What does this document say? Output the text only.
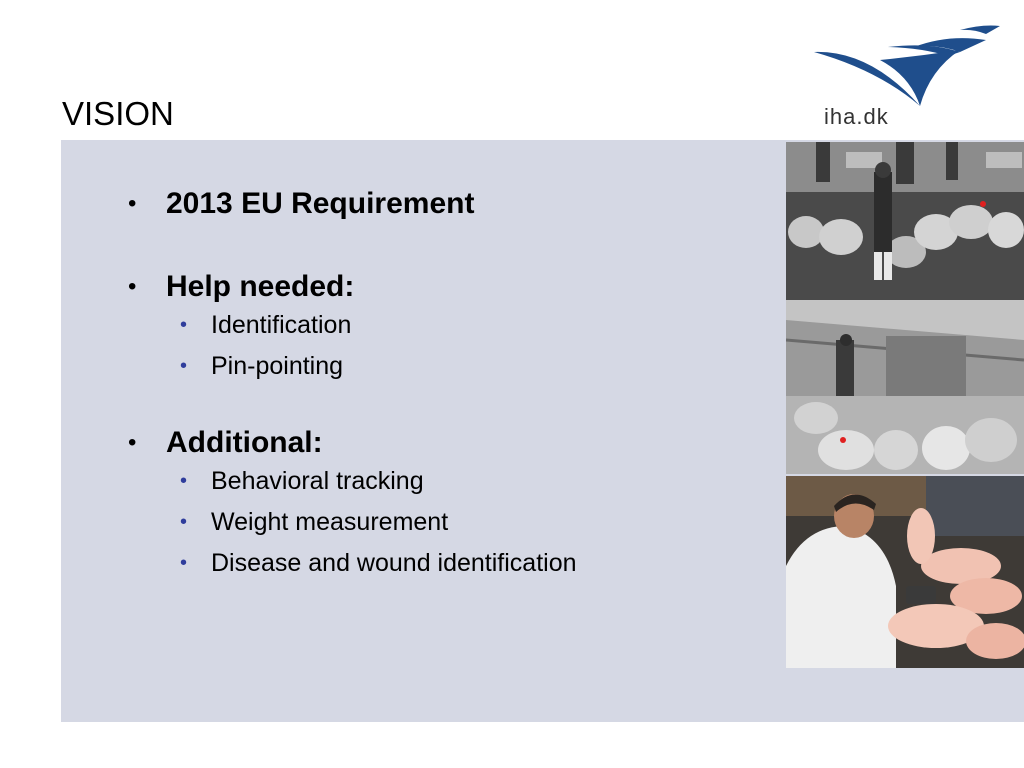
VISION	iha.dk
• 2013 EU Requirement
• Help needed:
• Identification
• Pin-pointing
• Additional:
• Behavioral tracking
• Weight measurement
• Disease and wound identification
